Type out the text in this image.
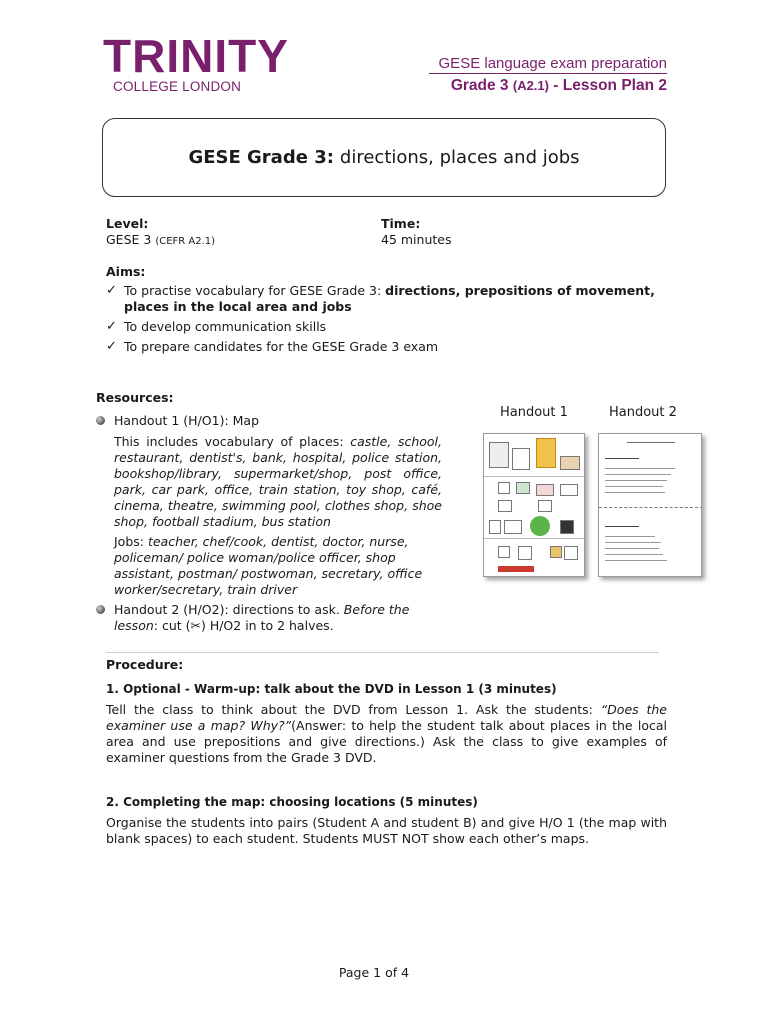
TRINITY
COLLEGE LONDON
GESE language exam preparation
Grade 3 (A2.1) - Lesson Plan 2
GESE Grade 3: directions, places and jobs
Level:
GESE 3 (CEFR A2.1)
Time:
45 minutes
Aims:
✓ To practise vocabulary for GESE Grade 3: directions, prepositions of movement, places in the local area and jobs
✓ To develop communication skills
✓ To prepare candidates for the GESE Grade 3 exam
Resources:
Handout 1 (H/O1): Map
This includes vocabulary of places: castle, school, restaurant, dentist's, bank, hospital, police station, bookshop/library, supermarket/shop, post office, park, car park, office, train station, toy shop, café, cinema, theatre, swimming pool, clothes shop, shoe shop, football stadium, bus station
Jobs: teacher, chef/cook, dentist, doctor, nurse, policeman/ police woman/police officer, shop assistant, postman/ postwoman, secretary, office worker/secretary, train driver
Handout 2 (H/O2): directions to ask. Before the lesson: cut (✂) H/O2 in to 2 halves.
Handout 1	Handout 2
Procedure:
1. Optional - Warm-up: talk about the DVD in Lesson 1 (3 minutes)

Tell the class to think about the DVD from Lesson 1. Ask the students: “Does the examiner use a map? Why?”(Answer: to help the student talk about places in the local area and use prepositions and give directions.) Ask the class to give examples of examiner questions from the Grade 3 DVD.

2. Completing the map: choosing locations (5 minutes)

Organise the students into pairs (Student A and student B) and give H/O 1 (the map with blank spaces) to each student. Students MUST NOT show each other’s maps.

Page 1 of 4
